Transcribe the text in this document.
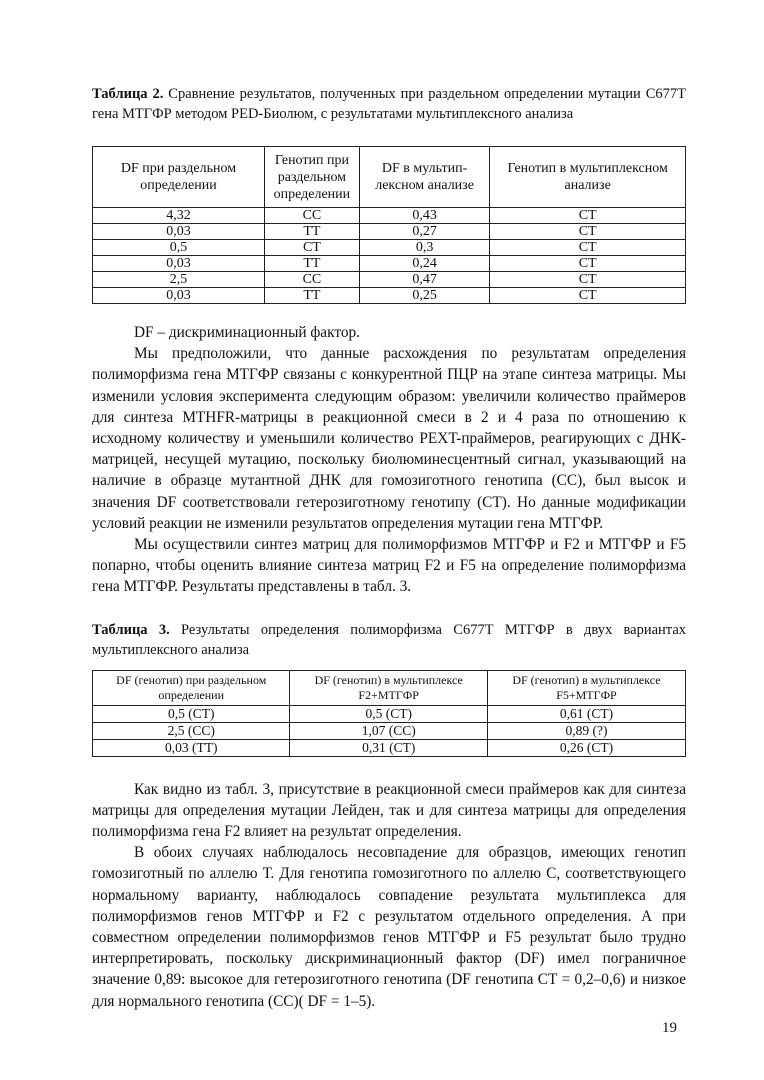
Таблица 2. Сравнение результатов, полученных при раздельном определении мутации С677Т гена МТГФР методом PED-Биолюм, с результатами мультиплексного анализа

DF при раздельном определении	Генотип при раздельном определении	DF в мультип-лексном анализе	Генотип в мультиплексном анализе
4,32	СС	0,43	СТ
0,03	ТТ	0,27	СТ
0,5	СТ	0,3	СТ
0,03	ТТ	0,24	СТ
2,5	СС	0,47	СТ
0,03	ТТ	0,25	СТ

DF – дискриминационный фактор.

Мы предположили, что данные расхождения по результатам определения полиморфизма гена МТГФР связаны с конкурентной ПЦР на этапе синтеза матрицы. Мы изменили условия эксперимента следующим образом: увеличили количество праймеров для синтеза MTHFR-матрицы в реакционной смеси в 2 и 4 раза по отношению к исходному количеству и уменьшили количество PEXT-праймеров, реагирующих с ДНК- матрицей, несущей мутацию, поскольку биолюминесцентный сигнал, указывающий на наличие в образце мутантной ДНК для гомозиготного генотипа (СС), был высок и значения DF соответствовали гетерозиготному генотипу (СТ). Но данные модификации условий реакции не изменили результатов определения мутации гена МТГФР.

Мы осуществили синтез матриц для полиморфизмов МТГФР и F2 и МТГФР и F5 попарно, чтобы оценить влияние синтеза матриц F2 и F5 на определение полиморфизма гена МТГФР. Результаты представлены в табл. 3.

Таблица 3. Результаты определения полиморфизма С677Т МТГФР в двух вариантах мультиплексного анализа

DF (генотип) при раздельном определении	DF (генотип) в мультиплексе F2+МТГФР	DF (генотип) в мультиплексе F5+МТГФР
0,5 (СТ)	0,5 (СТ)	0,61 (СТ)
2,5 (СС)	1,07 (СС)	0,89 (?)
0,03 (ТТ)	0,31 (СТ)	0,26 (СТ)

Как видно из табл. 3, присутствие в реакционной смеси праймеров как для синтеза матрицы для определения мутации Лейден, так и для синтеза матрицы для определения полиморфизма гена F2 влияет на результат определения.

В обоих случаях наблюдалось несовпадение для образцов, имеющих генотип гомозиготный по аллелю Т. Для генотипа гомозиготного по аллелю С, соответствующего нормальному варианту, наблюдалось совпадение результата мультиплекса для полиморфизмов генов МТГФР и F2 с результатом отдельного определения. А при совместном определении полиморфизмов генов МТГФР и F5 результат было трудно интерпретировать, поскольку дискриминационный фактор (DF) имел пограничное значение 0,89: высокое для гетерозиготного генотипа (DF генотипа СТ = 0,2–0,6) и низкое для нормального генотипа (СС)( DF = 1–5).

19
